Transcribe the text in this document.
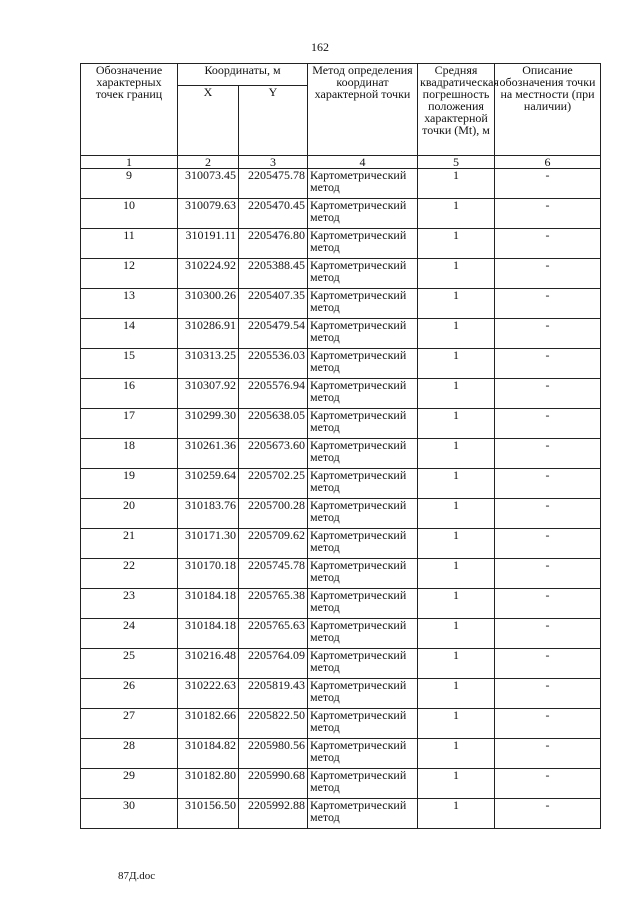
162
Обозначение характерных точек границ	Координаты, м		Метод определения координат характерной точки	Средняя квадратическая погрешность положения характерной точки (Mt), м	Описание обозначения точки на местности (при наличии)
	X	Y			
1	2	3	4	5	6
9	310073.45	2205475.78	Картометрический метод	1	-
10	310079.63	2205470.45	Картометрический метод	1	-
11	310191.11	2205476.80	Картометрический метод	1	-
12	310224.92	2205388.45	Картометрический метод	1	-
13	310300.26	2205407.35	Картометрический метод	1	-
14	310286.91	2205479.54	Картометрический метод	1	-
15	310313.25	2205536.03	Картометрический метод	1	-
16	310307.92	2205576.94	Картометрический метод	1	-
17	310299.30	2205638.05	Картометрический метод	1	-
18	310261.36	2205673.60	Картометрический метод	1	-
19	310259.64	2205702.25	Картометрический метод	1	-
20	310183.76	2205700.28	Картометрический метод	1	-
21	310171.30	2205709.62	Картометрический метод	1	-
22	310170.18	2205745.78	Картометрический метод	1	-
23	310184.18	2205765.38	Картометрический метод	1	-
24	310184.18	2205765.63	Картометрический метод	1	-
25	310216.48	2205764.09	Картометрический метод	1	-
26	310222.63	2205819.43	Картометрический метод	1	-
27	310182.66	2205822.50	Картометрический метод	1	-
28	310184.82	2205980.56	Картометрический метод	1	-
29	310182.80	2205990.68	Картометрический метод	1	-
30	310156.50	2205992.88	Картометрический метод	1	-
87Д.doc
